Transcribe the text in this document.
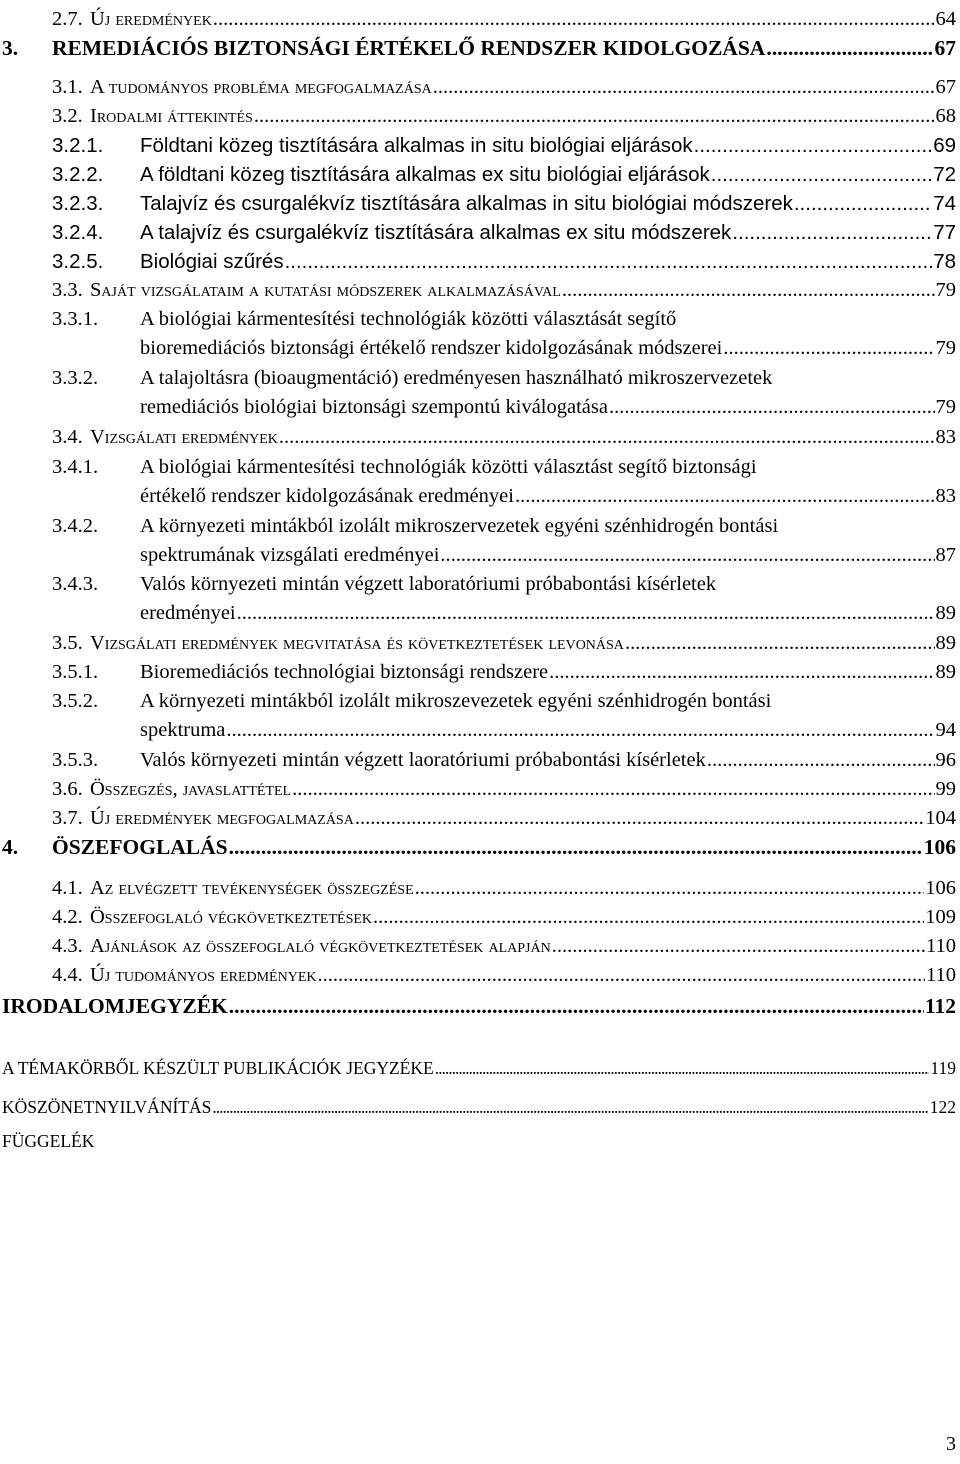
2.7. Új eredmények .....	64
3. REMEDIÁCIÓS BIZTONSÁGI ÉRTÉKELŐ RENDSZER KIDOLGOZÁSA .....	67
3.1. A tudományos probléma megfogalmazása .....	67
3.2. Irodalmi áttekintés .....	68
3.2.1. Földtani közeg tisztítására alkalmas in situ biológiai eljárások .....	69
3.2.2. A földtani közeg tisztítására alkalmas ex situ biológiai eljárások .....	72
3.2.3. Talajvíz és csurgalékvíz tisztítására alkalmas in situ biológiai módszerek .....	74
3.2.4. A talajvíz és csurgalékvíz tisztítására alkalmas ex situ módszerek .....	77
3.2.5. Biológiai szűrés .....	78
3.3. Saját vizsgálataim a kutatási módszerek alkalmazásával .....	79
3.3.1. A biológiai kármentesítési technológiák közötti választását segítő
bioremediációs biztonsági értékelő rendszer kidolgozásának módszerei .....	79
3.3.2. A talajoltásra (bioaugmentáció) eredményesen használható mikroszervezetek
remediációs biológiai biztonsági szempontú kiválogatása .....	79
3.4. Vizsgálati eredmények .....	83
3.4.1. A biológiai kármentesítési technológiák közötti választást segítő biztonsági
értékelő rendszer kidolgozásának eredményei .....	83
3.4.2. A környezeti mintákból izolált mikroszervezetek egyéni szénhidrogén bontási
spektrumának vizsgálati eredményei .....	87
3.4.3. Valós környezeti mintán végzett laboratóriumi próbabontási kísérletek
eredményei .....	89
3.5. Vizsgálati eredmények megvitatása és következtetések levonása .....	89
3.5.1. Bioremediációs technológiai biztonsági rendszere .....	89
3.5.2. A környezeti mintákból izolált mikroszevezetek egyéni szénhidrogén bontási
spektruma .....	94
3.5.3. Valós környezeti mintán végzett laoratóriumi próbabontási kísérletek .....	96
3.6. Összegzés, javaslattétel .....	99
3.7. Új eredmények megfogalmazása .....	104
4. ÖSZEFOGLALÁS .....	106
4.1. Az elvégzett tevékenységek összegzése .....	106
4.2. Összefoglaló végkövetkeztetések .....	109
4.3. Ajánlások az összefoglaló végkövetkeztetések alapján .....	110
4.4. Új tudományos eredmények .....	110
IRODALOMJEGYZÉK .....	112
A TÉMAKÖRBŐL KÉSZÜLT PUBLIKÁCIÓK JEGYZÉKE .....	119
KÖSZÖNETNYILVÁNÍTÁS .....	122
FÜGGELÉK
3
